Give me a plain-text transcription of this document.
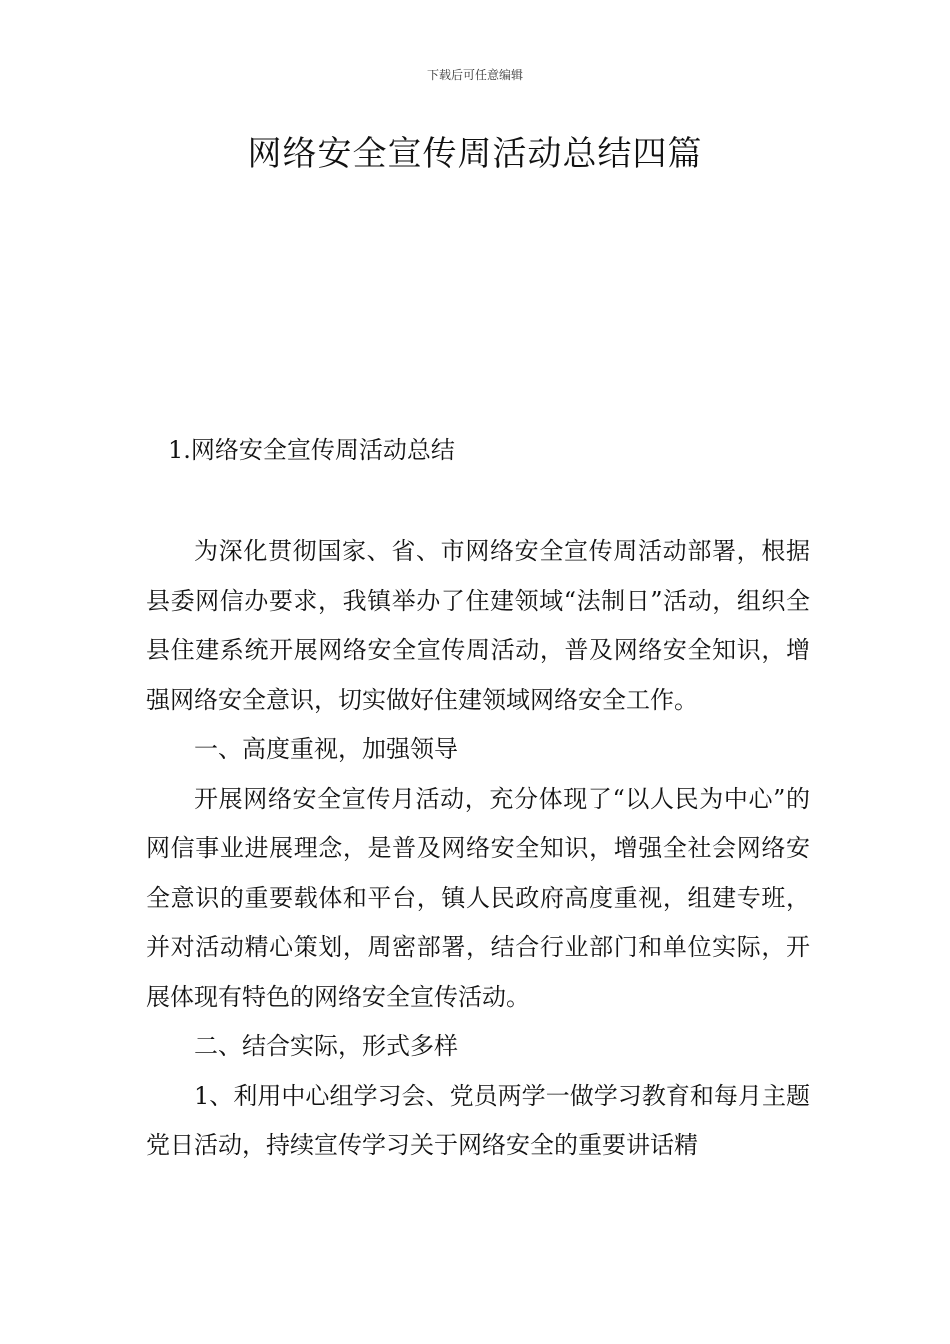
下载后可任意编辑
网络安全宣传周活动总结四篇
1.网络安全宣传周活动总结

为深化贯彻国家、省、市网络安全宣传周活动部署，根据县委网信办要求，我镇举办了住建领域“法制日”活动，组织全县住建系统开展网络安全宣传周活动，普及网络安全知识，增强网络安全意识，切实做好住建领域网络安全工作。

一、高度重视，加强领导

开展网络安全宣传月活动，充分体现了“以人民为中心”的网信事业进展理念，是普及网络安全知识，增强全社会网络安全意识的重要载体和平台，镇人民政府高度重视，组建专班，并对活动精心策划，周密部署，结合行业部门和单位实际，开展体现有特色的网络安全宣传活动。

二、结合实际，形式多样

1、利用中心组学习会、党员两学一做学习教育和每月主题党日活动，持续宣传学习关于网络安全的重要讲话精
